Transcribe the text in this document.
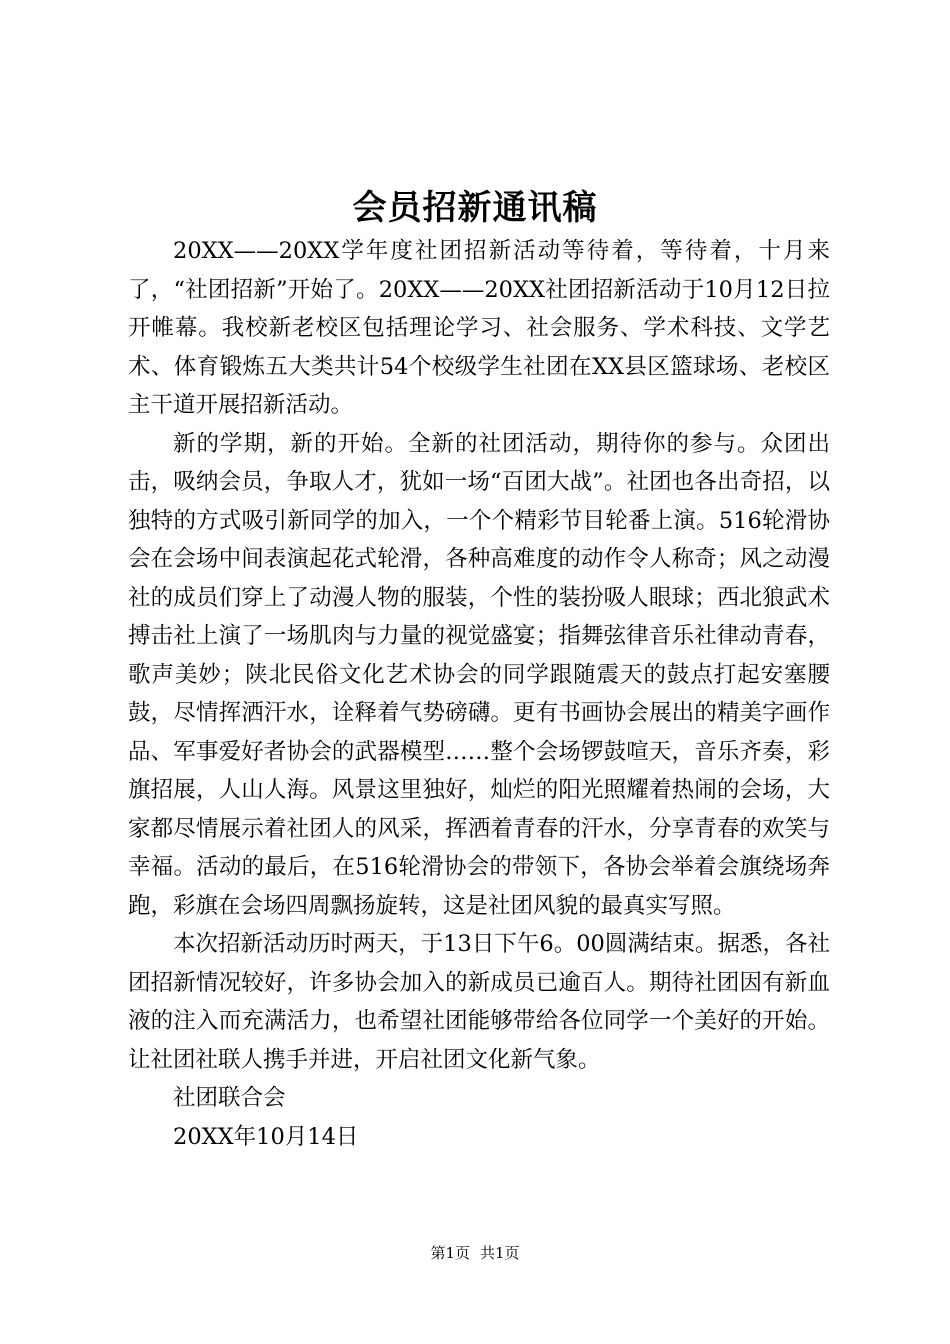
会员招新通讯稿

20XX——20XX学年度社团招新活动等待着，等待着，十月来了，“社团招新”开始了。20XX——20XX社团招新活动于10月12日拉开帷幕。我校新老校区包括理论学习、社会服务、学术科技、文学艺术、体育锻炼五大类共计54个校级学生社团在XX县区篮球场、老校区主干道开展招新活动。

新的学期，新的开始。全新的社团活动，期待你的参与。众团出击，吸纳会员，争取人才，犹如一场“百团大战”。社团也各出奇招，以独特的方式吸引新同学的加入，一个个精彩节目轮番上演。516轮滑协会在会场中间表演起花式轮滑，各种高难度的动作令人称奇；风之动漫社的成员们穿上了动漫人物的服装，个性的装扮吸人眼球；西北狼武术搏击社上演了一场肌肉与力量的视觉盛宴；指舞弦律音乐社律动青春，歌声美妙；陕北民俗文化艺术协会的同学跟随震天的鼓点打起安塞腰鼓，尽情挥洒汗水，诠释着气势磅礴。更有书画协会展出的精美字画作品、军事爱好者协会的武器模型……整个会场锣鼓喧天，音乐齐奏，彩旗招展，人山人海。风景这里独好，灿烂的阳光照耀着热闹的会场，大家都尽情展示着社团人的风采，挥洒着青春的汗水，分享青春的欢笑与幸福。活动的最后，在516轮滑协会的带领下，各协会举着会旗绕场奔跑，彩旗在会场四周飘扬旋转，这是社团风貌的最真实写照。

本次招新活动历时两天，于13日下午6。00圆满结束。据悉，各社团招新情况较好，许多协会加入的新成员已逾百人。期待社团因有新血液的注入而充满活力，也希望社团能够带给各位同学一个美好的开始。让社团社联人携手并进，开启社团文化新气象。

社团联合会
20XX年10月14日
第1页 共1页
